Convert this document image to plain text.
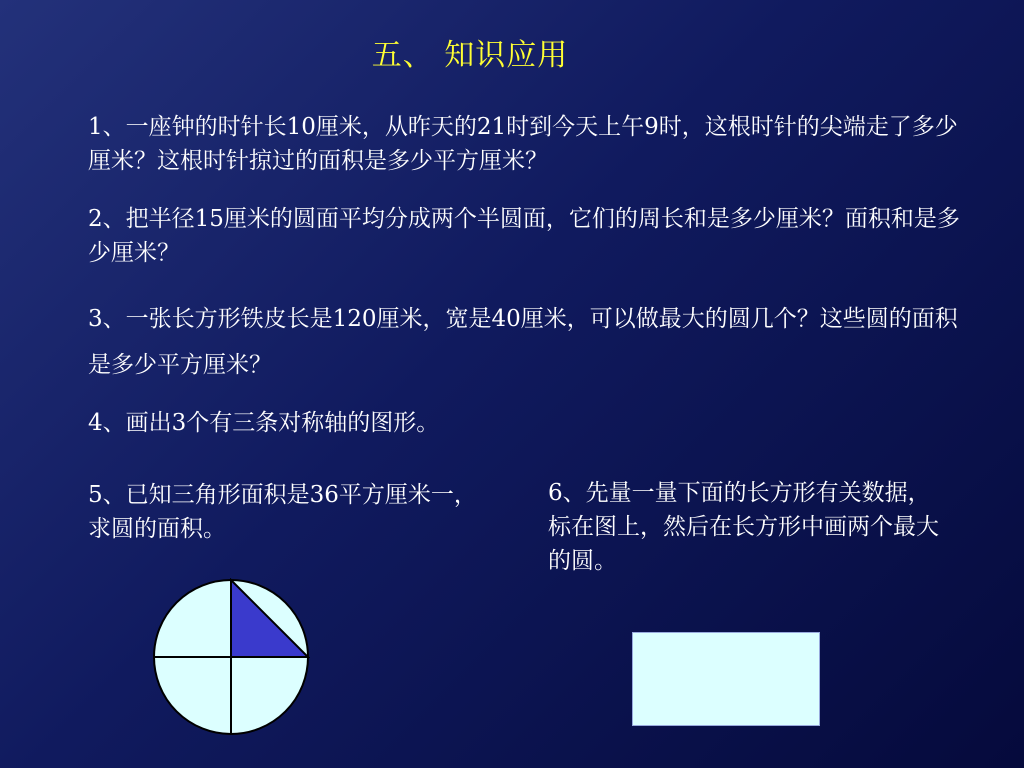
五、 知识应用
1、一座钟的时针长10厘米，从昨天的21时到今天上午9时，这根时针的尖端走了多少厘米？这根时针掠过的面积是多少平方厘米？
2、把半径15厘米的圆面平均分成两个半圆面，它们的周长和是多少厘米？面积和是多少厘米？
3、一张长方形铁皮长是120厘米，宽是40厘米，可以做最大的圆几个？这些圆的面积是多少平方厘米？
4、画出3个有三条对称轴的图形。
5、已知三角形面积是36平方厘米一，求圆的面积。
6、先量一量下面的长方形有关数据，标在图上，然后在长方形中画两个最大的圆。
